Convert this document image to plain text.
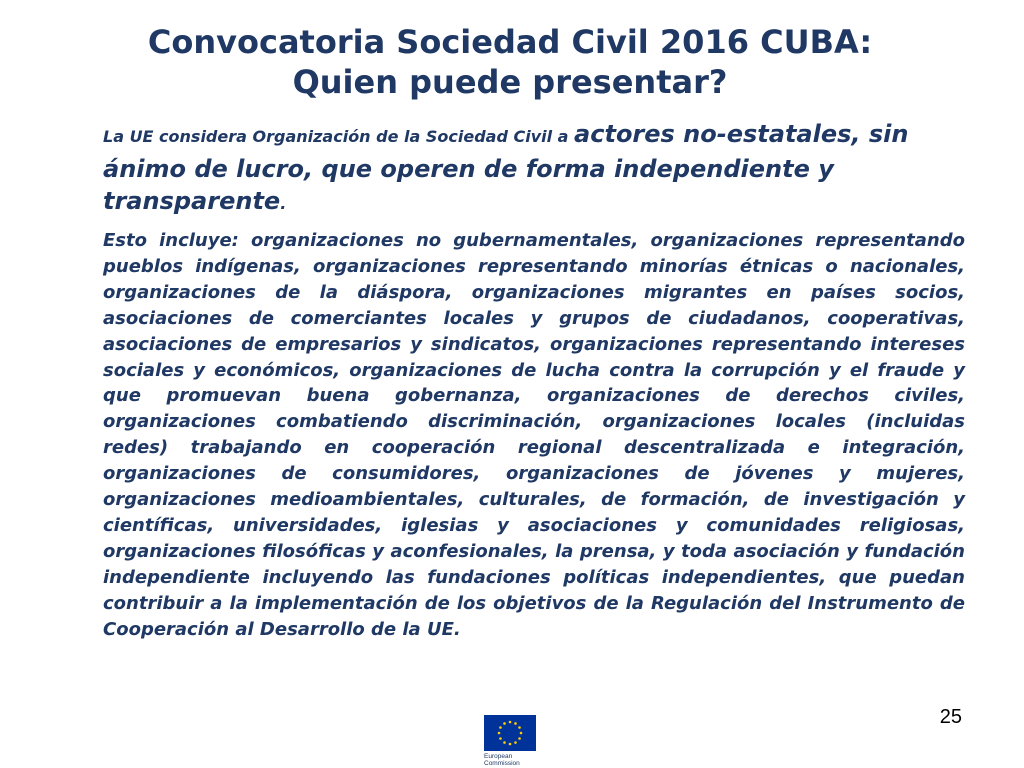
Convocatoria Sociedad Civil 2016 CUBA:
Quien puede presentar?

La UE considera Organización de la Sociedad Civil a actores no-estatales, sin ánimo de lucro, que operen de forma independiente y transparente.

Esto incluye: organizaciones no gubernamentales, organizaciones representando pueblos indígenas, organizaciones representando minorías étnicas o nacionales, organizaciones de la diáspora, organizaciones migrantes en países socios, asociaciones de comerciantes locales y grupos de ciudadanos, cooperativas, asociaciones de empresarios y sindicatos, organizaciones representando intereses sociales y económicos, organizaciones de lucha contra la corrupción y el fraude y que promuevan buena gobernanza, organizaciones de derechos civiles, organizaciones combatiendo discriminación, organizaciones locales (incluidas redes) trabajando en cooperación regional descentralizada e integración, organizaciones de consumidores, organizaciones de jóvenes y mujeres, organizaciones medioambientales, culturales, de formación, de investigación y científicas, universidades, iglesias y asociaciones y comunidades religiosas, organizaciones filosóficas y aconfesionales, la prensa, y toda asociación y fundación independiente incluyendo las fundaciones políticas independientes, que puedan contribuir a la implementación de los objetivos de la Regulación del Instrumento de Cooperación al Desarrollo de la UE.

25
European
Commission
